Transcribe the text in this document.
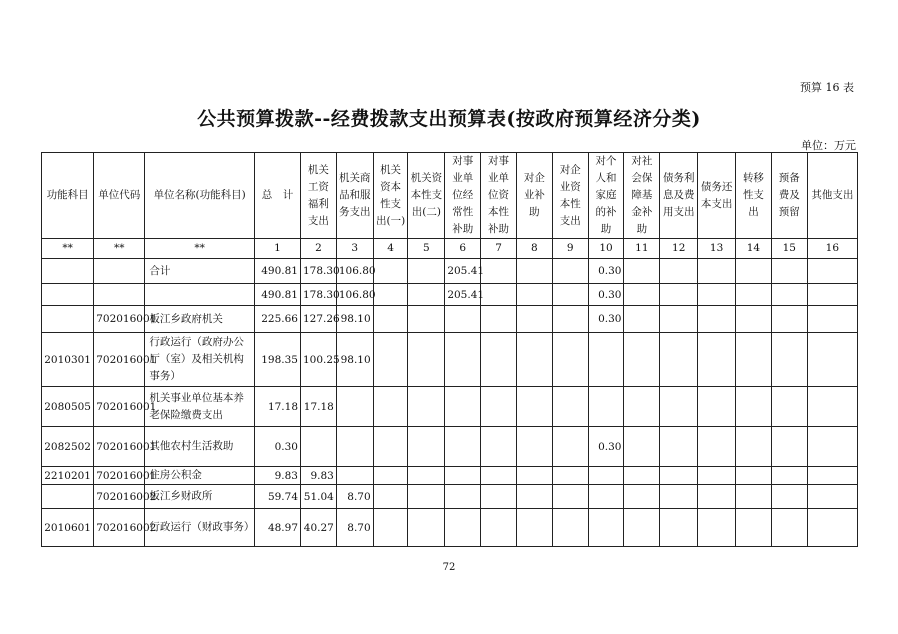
预算 16 表
公共预算拨款--经费拨款支出预算表(按政府预算经济分类)
单位：万元
功能科目	单位代码	单位名称(功能科目)	总　计	机关工资福利支出	机关商品和服务支出	机关资本性支出(一)	机关资本性支出(二)	对事业单位经常性补助	对事业单位资本性补助	对企业补助	对企业资本性支出	对个人和家庭的补助	对社会保障基金补助	债务利息及费用支出	债务还本支出	转移性支出	预备费及预留	其他支出
**	**	**	1	2	3	4	5	6	7	8	9	10	11	12	13	14	15	16
		合计	490.81	178.30	106.80			205.41				0.30						
			490.81	178.30	106.80			205.41				0.30						
	702016001	板江乡政府机关	225.66	127.26	98.10							0.30						
2010301	702016001	行政运行（政府办公厅（室）及相关机构事务）	198.35	100.25	98.10													
2080505	702016001	机关事业单位基本养老保险缴费支出	17.18	17.18														
2082502	702016001	其他农村生活救助	0.30									0.30						
2210201	702016001	住房公积金	9.83	9.83														
	702016002	板江乡财政所	59.74	51.04	8.70													
2010601	702016002	行政运行（财政事务）	48.97	40.27	8.70													
72
